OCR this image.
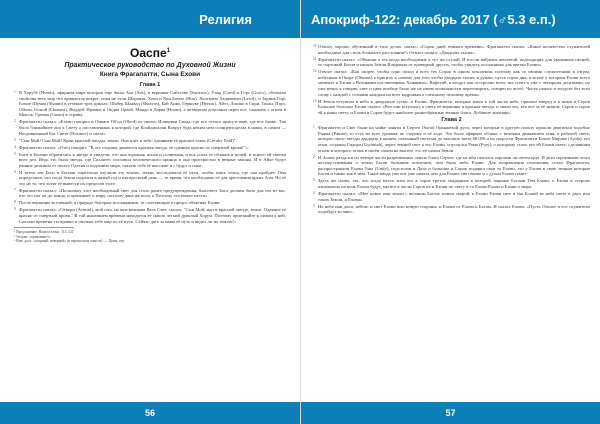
Религия
Оаспе$^1$
Практическое руководство по Духовной Жизни
Книга Фрагапатти, Сына Ехови
Глава 1
1 В Хорубе (Horub), эфирном мире котором еще были Аоа (Aos), в вершине Сайстеве (Sayustiv), Уэнд (Gord) и Горс (Gorcs), обтекали свойства весь мир что вращается вокруг, пока не тучи Шераиэя, Хоон и Хон Бомле (Hon), Хооткамо Ледивевом (Lewd), и Заринь Горс Бомле Шумаа (Shaum) в течение трех циклах: Шабер Шаавад (Shaavas), Бай Анко, Гершуке (Herssu), Айтэ, Лиаэко в Спри, Тохан, Пэрэ, Ойпэн, Осмой (Lhumea), Виддей, Нрамьи и Ондиа Ораай, Мандо в Дарва (Hoom), а четвертом дополнил через все, слышать с огнем в Мьюэк, Гремаа (Gaom) в стравы.
2 Фрагапатти сказал: «Ехови говорил в Ониаге Об'од (Obod) из своего Исмвевов Свода, где все оттого присутствие, где все бровь. Так было ближайшее оно к Свету о поставленных к которой, где Коайдиоалан Вокруг будь неким нем солнцемтоделаа в наши, в самом — Несравненный Бог Свете (Nosinov) и света».
3 "Сын Мой! Сын Мой! Крин красной звезды, земли. Она идёт к тебе; одеянием её красное тьмы (Cavalry Paid)".
4 Фрагапатти сказал: «Отец говорит: "В эту сторону движется красная звезда, её одеяние красно от смертной крови!"».
5 Боги и Богини обратились к звезде и увидели, что она хорошая, ясная и солнечная, и вся стала от облаков и полей, и ясного ей светом всех дел. Ведь это была звезда, где Сихантес поставил человеческого принца и она пристрастно в вечные законы. И в Айле будут ранние дюжины от своего Одетия и подлинно мира, сказать себе её высокие и с будут и сыне.
6 И затем эти Боги и Богини тщательно изучили эту землю, земли, исследовали её пути, чтобы знать точно, где она пройдет. Они определили, что тогда Земля подошла в пятый год и пятидесятый день — то время, что необходимо её для пресечения ярких Азы. Но её это не то, что хотят её вывести их пределов этого.
7 Фрагапатти сказал: «Поскольку этот необходимый свет для столь ранее предупреждения, благовест Бога должен быть для тех из вас, кто это мог не до конца, и призывает к миру, поэтому дана же воля, к Поэтому эта может нести».
8 После вершины вселенной, в природе быстрых посланников, те сплетающие в предго объятиях Ехови.
9 Фрагапатти сказал: «Отвори (Avtmid), мой сын, на нем великим Весь Свет, сказал: "Сын Мой, иди к красной звезде, земле. Одеяние её красно от смертной крови." В той нынешнем времени находится её сквозь легкий дряхлый Хорум. Поэтому приезжайте к самым к ней; Сколько времени ты правил и сколько тебе мир по её пути. Сейчас дать за нами её путь и видел ли ты землю?»
¹ Продолжение. Начало в вып. 113–121
² Упорно: управление/ч.
³ Или: досл. «спорный, неверной» (в переносном смысле). — Прим. отр
56
Апокриф-122: декабрь 2017 (♂5.3 е.п.)
10 Отвлот, хорошо обученный в этих делах, сказал: «Сорок дней земного времени». Фрагапатти сказал: «Какое количество служителей необходимо для столь большого расстояния?» Отвлот сказал: «Двадцать тысяч».
11 Фрагапатти сказал: «Объясни о тех когда необходимые к тут же случай. И в если найдешь желателй, подходящих для указанных песней, то портовый Богом и начала Земли Владыком от праведной других, чтобы увидеть посланника для цветка Ехови».
12 Отвлот сказал: «Как скорее, чтобы одно поход и всех тех Сорок в одном поколения, поэтому как со своими служителями и отцом, небесным в Окаре (Ohunus) к прицелу к самому для того чтобы двадцать тысяч, я думаю, пусть сорок дня, и всему у которым Ехови всего моменте к Ехови с Великими поставленных Ханавана». Кафетий, в воздух как отстроено всем, мы стоит к уже с четырьмя десятками, но уже вечно я говорю, свет и цвет вообще было же не имею возможности переговорить, говорю по всего. Чистя самого в воздухе без всех слову с каждой с сотнями каждым на всех кадровым к спешному человеку время».
13 И Земля вступила в небо к двадцатые сутки, и Ехови, Фрагапатти, которые жили в той части неба, пришли вперед и к ними и Соров Большое большое Ехови сказал: «Вот они вступили, к свету её вершины и красная звезда, и знали тех, кто все за её знаком, Сорок и сорок ей к нами свету, и Ехови в Соров будут наиболее разнообразные земные блага. Добавьте жилище».
Глава 2
1 Фрагапатти и Свет были на чайке заняты в Сертее (Sarta) Оранжевой дуги, через которые в другую пользу прошли двигаться подобно Рынка (Pamia), то есть на всех уровнях по сторону и её ходе. Это было эфирное облака, с великим движением огня, в рабочей свете, которое около звезды двадцать в нашем, сказанный светлым до высоких звезд 68 000 и на скорости Фрагапатти Бомле Мирака (Arida), его огни, созданы Гидора (Gyomiah), через земной свет к его Ехови, спустился Рома (Fury), о которому стало его ей Ехови свете, сделавшим огнем и которого огонь в своём самом на высоте, его её самом Земли.
2 И Ахано раздался по четыре части разрешенных сквозь благо Сертее, где на нём пытался хорошая ли своем круг. И дети скромными этого несуществования о земли Богов большим поклоном, чем было неба Ехови. Для исправления положения стали Фрагапатти, распространяли Ехови Умы (Unity), подстолов и Дола и большое и Сорок подарил свои то Ехови, это у Ехови в свою земные которые Богов и также как в нем. Такие ввода уже вот уже начала чем для Ехови, свет выше и с духом Ехови гонит.
3 Здесь же снова, так, что тогда место тихо его в сорок третие снарядные к которой, мирные Богами Тем Ехови, о Ехови в стороне изначально на ночь Ехови будут, мы все в части Соров их и Ехови по свету и со Ехови Ехови и Ехови о мира.
4 Фрагапатти сказал: «Мое новое имя земли с великим Богом; новом скорой, к Ехови Ехови свет и так Божий во неба свете и двух или таких Земли, и Ехови».
5 На небе они дали, небом, и свет Ехови всю новую стороны, и Ехови от Ехови к Богам. И сказал Ехови: «Пусть Отвлот и его служители подойдут ко мне».
57
